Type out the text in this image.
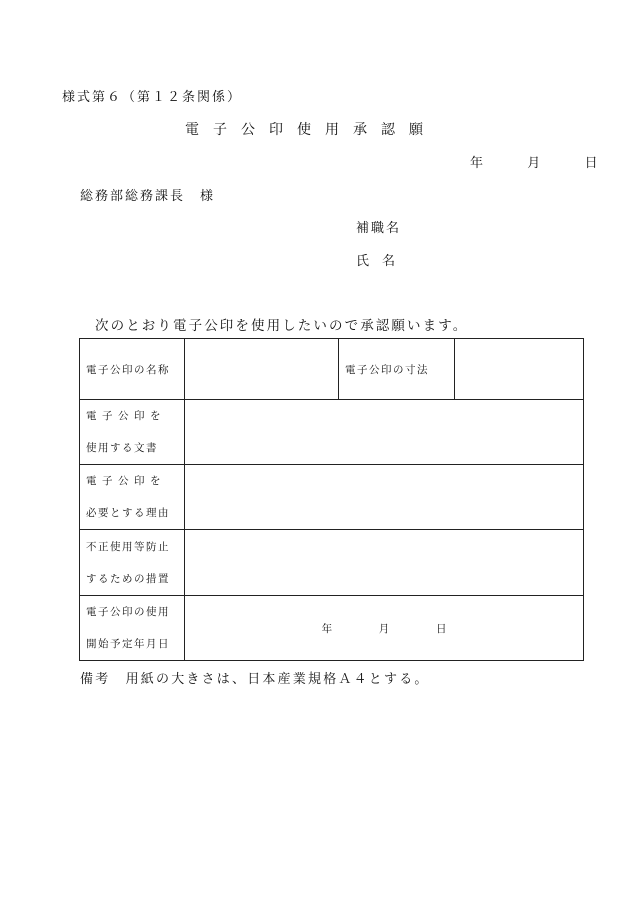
様式第６（第１２条関係）
電子公印使用承認願
年	月	日
総務部総務課長　様
補職名
氏　名
次のとおり電子公印を使用したいので承認願います。
電子公印の名称		電子公印の寸法	

電子公印を
使用する文書			

電子公印を
必要とする理由			

不正使用等防止
するための措置			

電子公印の使用
開始予定年月日	年 月 日		
備考　用紙の大きさは、日本産業規格Ａ４とする。
